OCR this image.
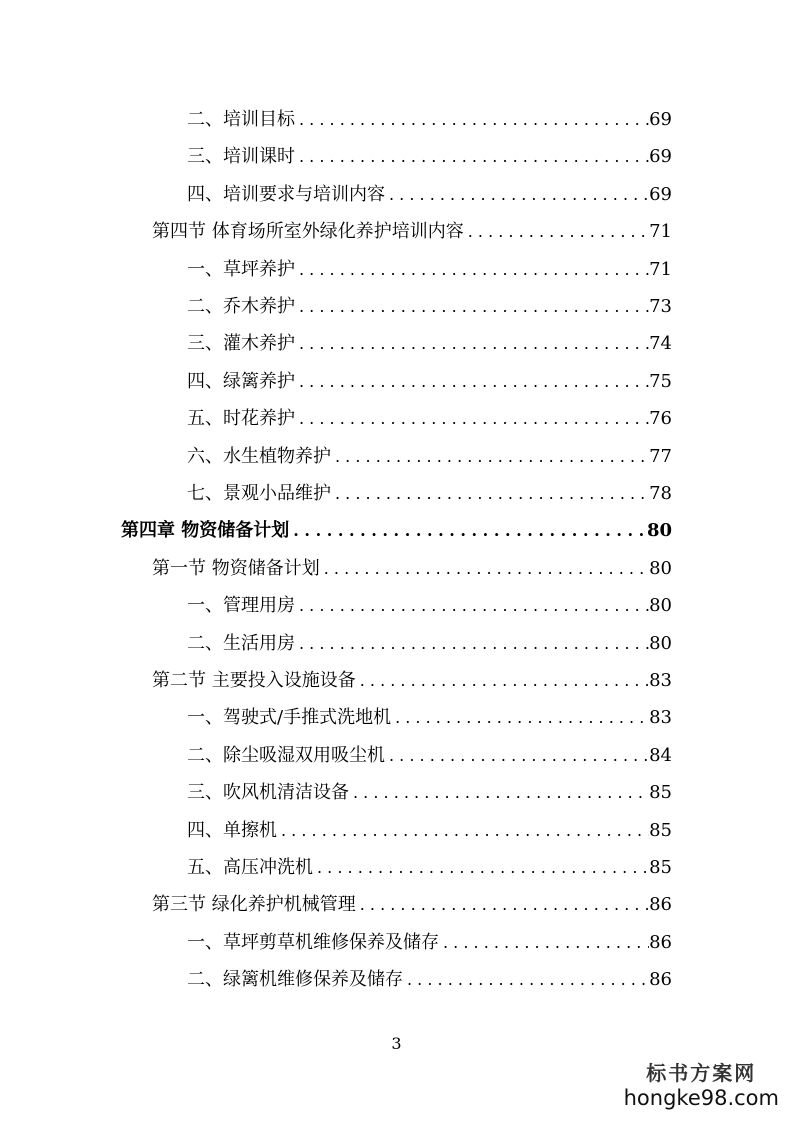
二、培训目标 . . .	69
三、培训课时 . . .	69
四、培训要求与培训内容 . . .	69
第四节 体育场所室外绿化养护培训内容 . . .	71
一、草坪养护 . . .	71
二、乔木养护 . . .	73
三、灌木养护 . . .	74
四、绿篱养护 . . .	75
五、时花养护 . . .	76
六、水生植物养护 . . .	77
七、景观小品维护 . . .	78
第四章 物资储备计划 . . .	80
第一节 物资储备计划 . . .	80
一、管理用房 . . .	80
二、生活用房 . . .	80
第二节 主要投入设施设备 . . .	83
一、驾驶式/手推式洗地机 . . .	83
二、除尘吸湿双用吸尘机 . . .	84
三、吹风机清洁设备 . . .	85
四、单擦机 . . .	85
五、高压冲洗机 . . .	85
第三节 绿化养护机械管理 . . .	86
一、草坪剪草机维修保养及储存 . . .	86
二、绿篱机维修保养及储存 . . .	86
3
标书方案网
hongke98.com
